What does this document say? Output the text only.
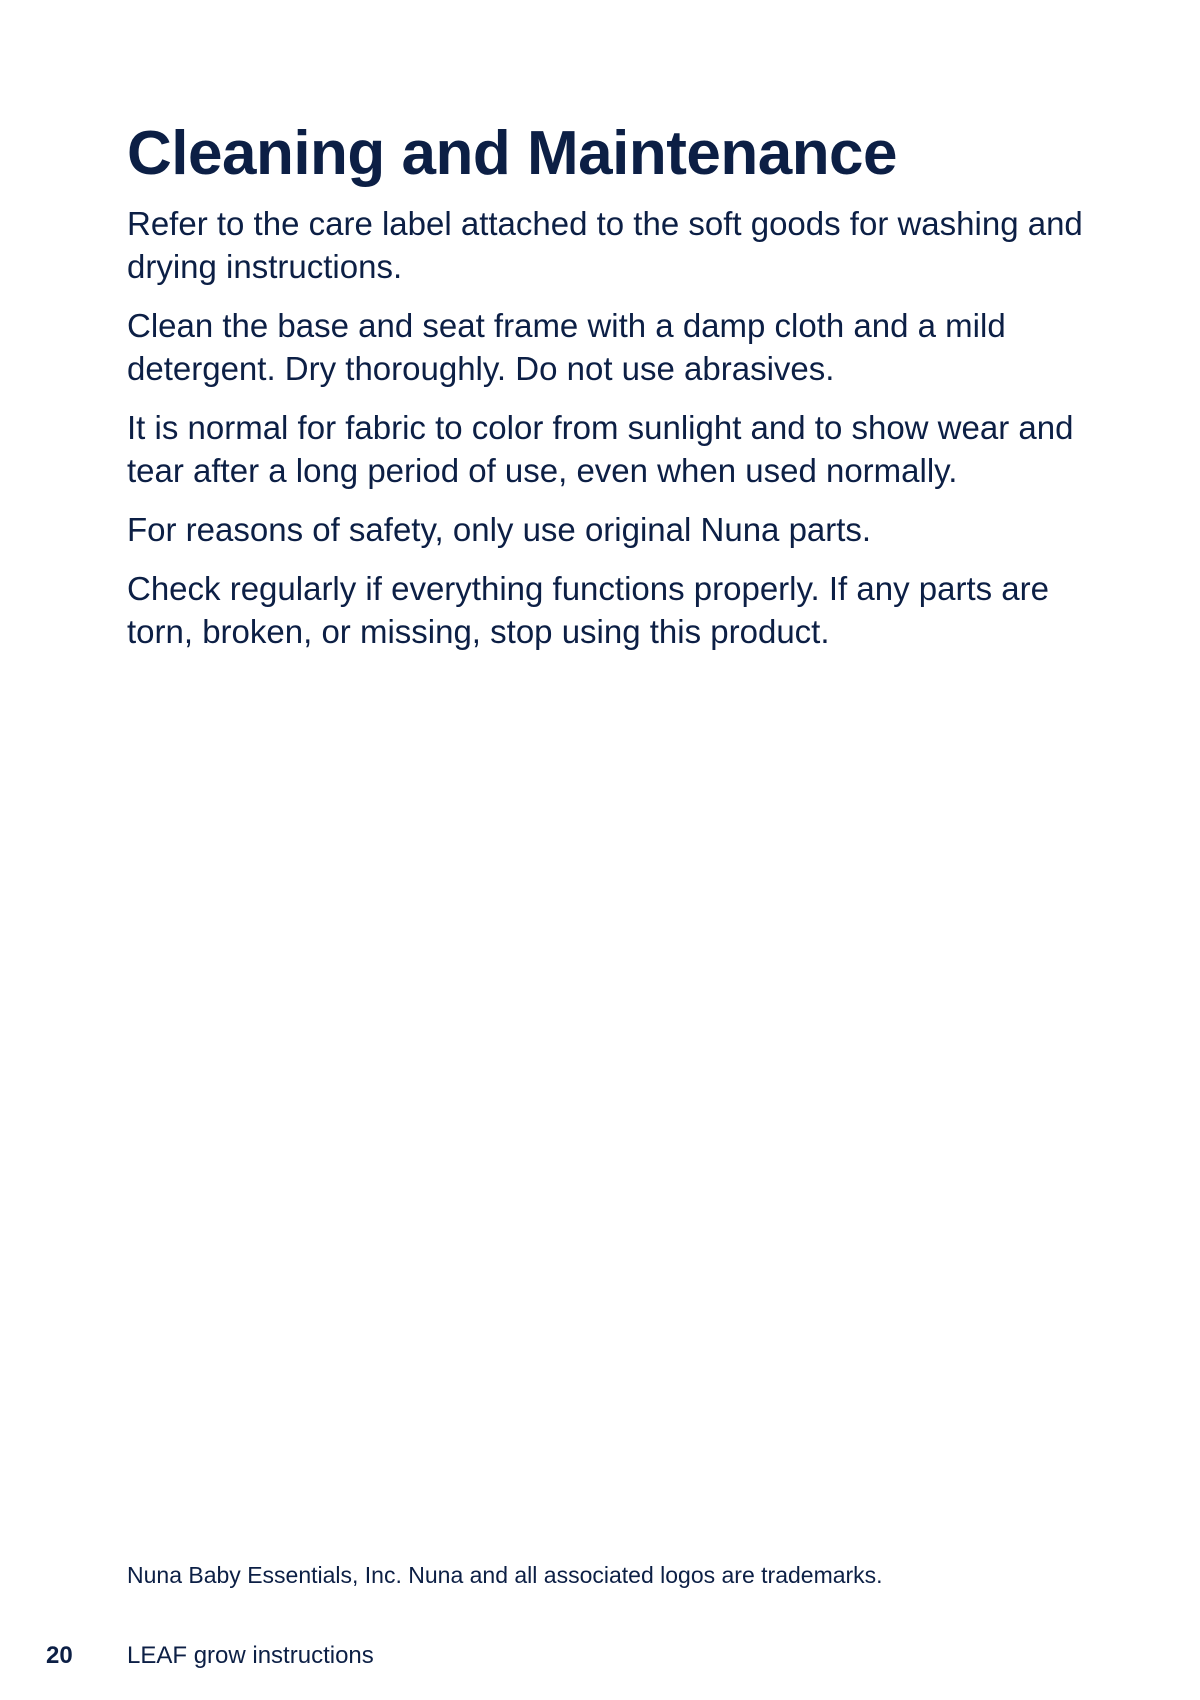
Cleaning and Maintenance

Refer to the care label attached to the soft goods for washing and drying instructions.

Clean the base and seat frame with a damp cloth and a mild detergent. Dry thoroughly. Do not use abrasives.

It is normal for fabric to color from sunlight and to show wear and tear after a long period of use, even when used normally.

For reasons of safety, only use original Nuna parts.

Check regularly if everything functions properly. If any parts are torn, broken, or missing, stop using this product.

Nuna Baby Essentials, Inc. Nuna and all associated logos are trademarks.
20 LEAF grow instructions
